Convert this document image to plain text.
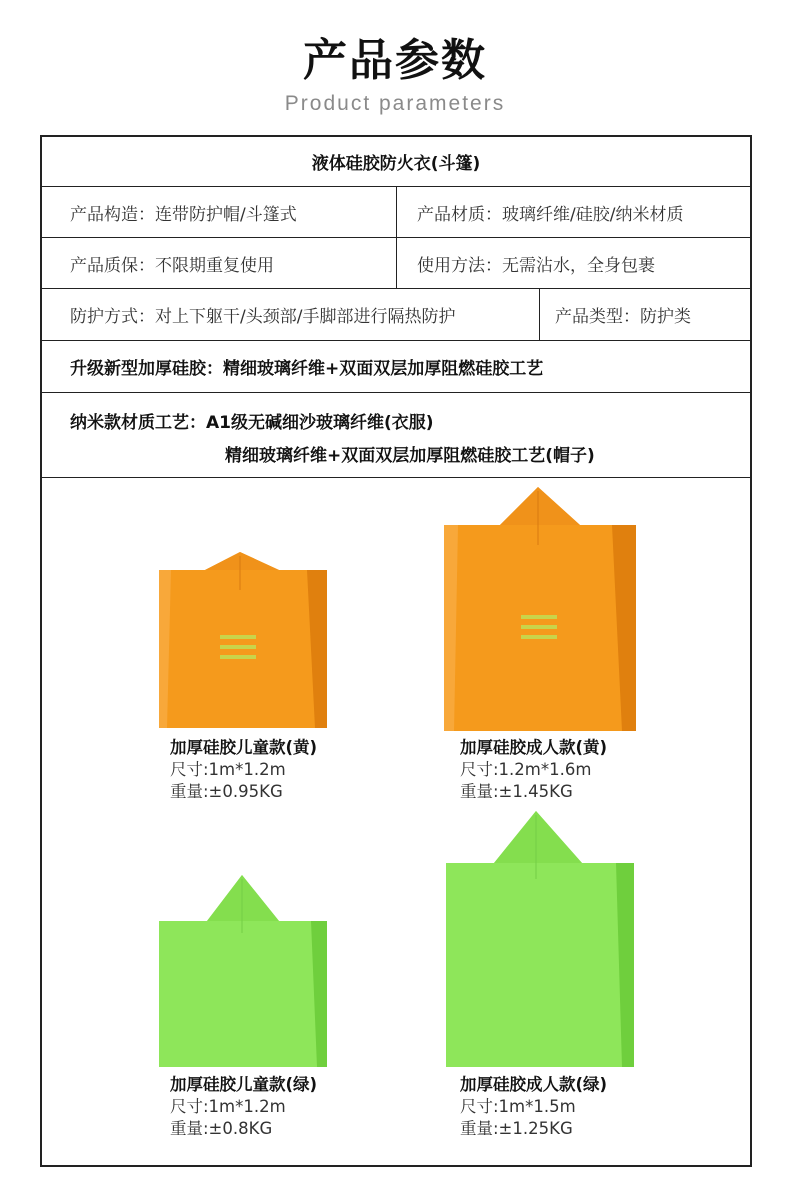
产品参数
Product parameters
液体硅胶防火衣(斗篷)
产品构造：连带防护帽/斗篷式	产品材质：玻璃纤维/硅胶/纳米材质
产品质保：不限期重复使用	使用方法：无需沾水，全身包裹
防护方式：对上下躯干/头颈部/手脚部进行隔热防护	产品类型：防护类
升级新型加厚硅胶：精细玻璃纤维+双面双层加厚阻燃硅胶工艺
纳米款材质工艺：A1级无碱细沙玻璃纤维(衣服)
精细玻璃纤维+双面双层加厚阻燃硅胶工艺(帽子)
加厚硅胶儿童款(黄)
尺寸:1m*1.2m
重量:±0.95KG
加厚硅胶成人款(黄)
尺寸:1.2m*1.6m
重量:±1.45KG
加厚硅胶儿童款(绿)
尺寸:1m*1.2m
重量:±0.8KG
加厚硅胶成人款(绿)
尺寸:1m*1.5m
重量:±1.25KG
